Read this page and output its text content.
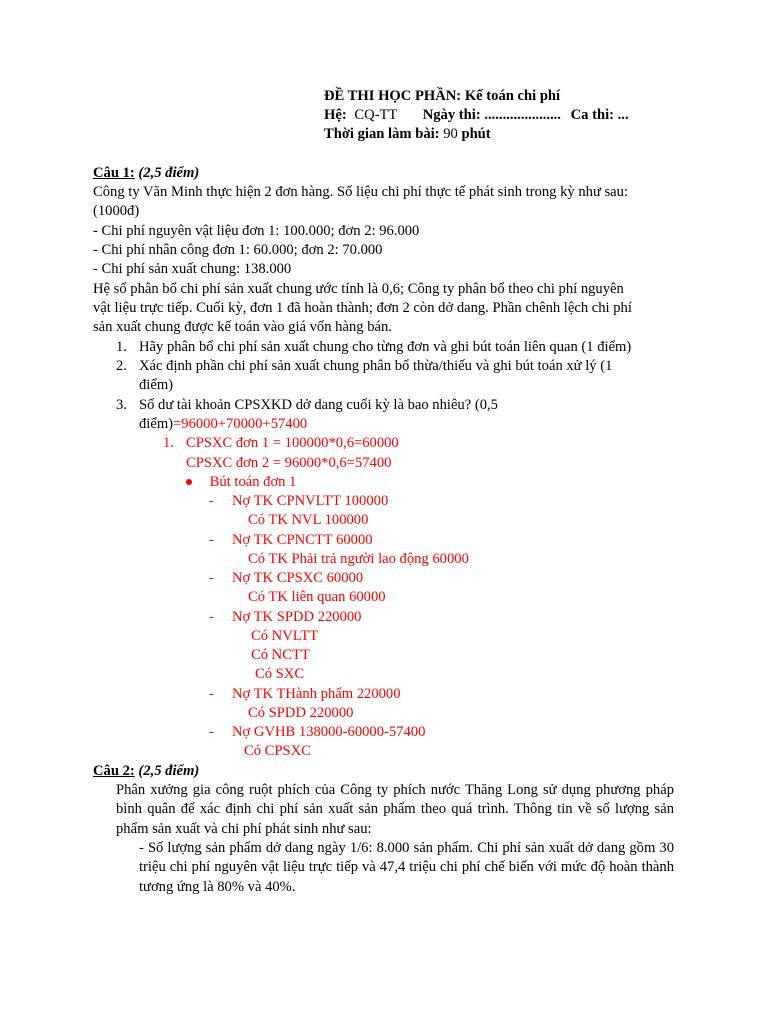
ĐỀ THI HỌC PHẦN: Kế toán chi phí
Hệ: CQ-TT Ngày thi: ..................... Ca thi: ...
Thời gian làm bài: 90 phút
Câu 1: (2,5 điểm)
Công ty Văn Minh thực hiện 2 đơn hàng. Số liệu chi phí thực tế phát sinh trong kỳ như sau:
(1000đ)
- Chi phí nguyên vật liệu đơn 1: 100.000; đơn 2: 96.000
- Chi phí nhân công đơn 1: 60.000; đơn 2: 70.000
- Chi phí sản xuất chung: 138.000
Hệ số phân bổ chi phí sản xuất chung ước tính là 0,6; Công ty phân bổ theo chi phí nguyên
vật liệu trực tiếp. Cuối kỳ, đơn 1 đã hoàn thành; đơn 2 còn dở dang. Phần chênh lệch chi phí
sản xuất chung được kế toán vào giá vốn hàng bán.
1. Hãy phân bổ chi phí sản xuất chung cho từng đơn và ghi bút toán liên quan (1 điểm)
2. Xác định phần chi phí sản xuất chung phân bổ thừa/thiếu và ghi bút toán xử lý (1
điểm)
3. Số dư tài khoản CPSXKD dở dang cuối kỳ là bao nhiêu? (0,5
điểm)=96000+70000+57400
1. CPSXC đơn 1 = 100000*0,6=60000
CPSXC đơn 2 = 96000*0,6=57400
Bút toán đơn 1
- Nợ TK CPNVLTT 100000
Có TK NVL 100000
- Nợ TK CPNCTT 60000
Có TK Phải trả người lao động 60000
- Nợ TK CPSXC 60000
Có TK liên quan 60000
- Nợ TK SPDD 220000
Có NVLTT
Có NCTT
Có SXC
- Nợ TK THành phẩm 220000
Có SPDD 220000
- Nợ GVHB 138000-60000-57400
Có CPSXC
Câu 2: (2,5 điểm)
Phân xưởng gia công ruột phích của Công ty phích nước Thăng Long sử dụng phương pháp bình quân để xác định chi phí sản xuất sản phẩm theo quá trình. Thông tin về số lượng sản phẩm sản xuất và chi phí phát sinh như sau:
- Số lượng sản phẩm dở dang ngày 1/6: 8.000 sản phẩm. Chi phí sản xuất dở dang gồm 30 triệu chi phí nguyên vật liệu trực tiếp và 47,4 triệu chi phí chế biến với mức độ hoàn thành tương ứng là 80% và 40%.
